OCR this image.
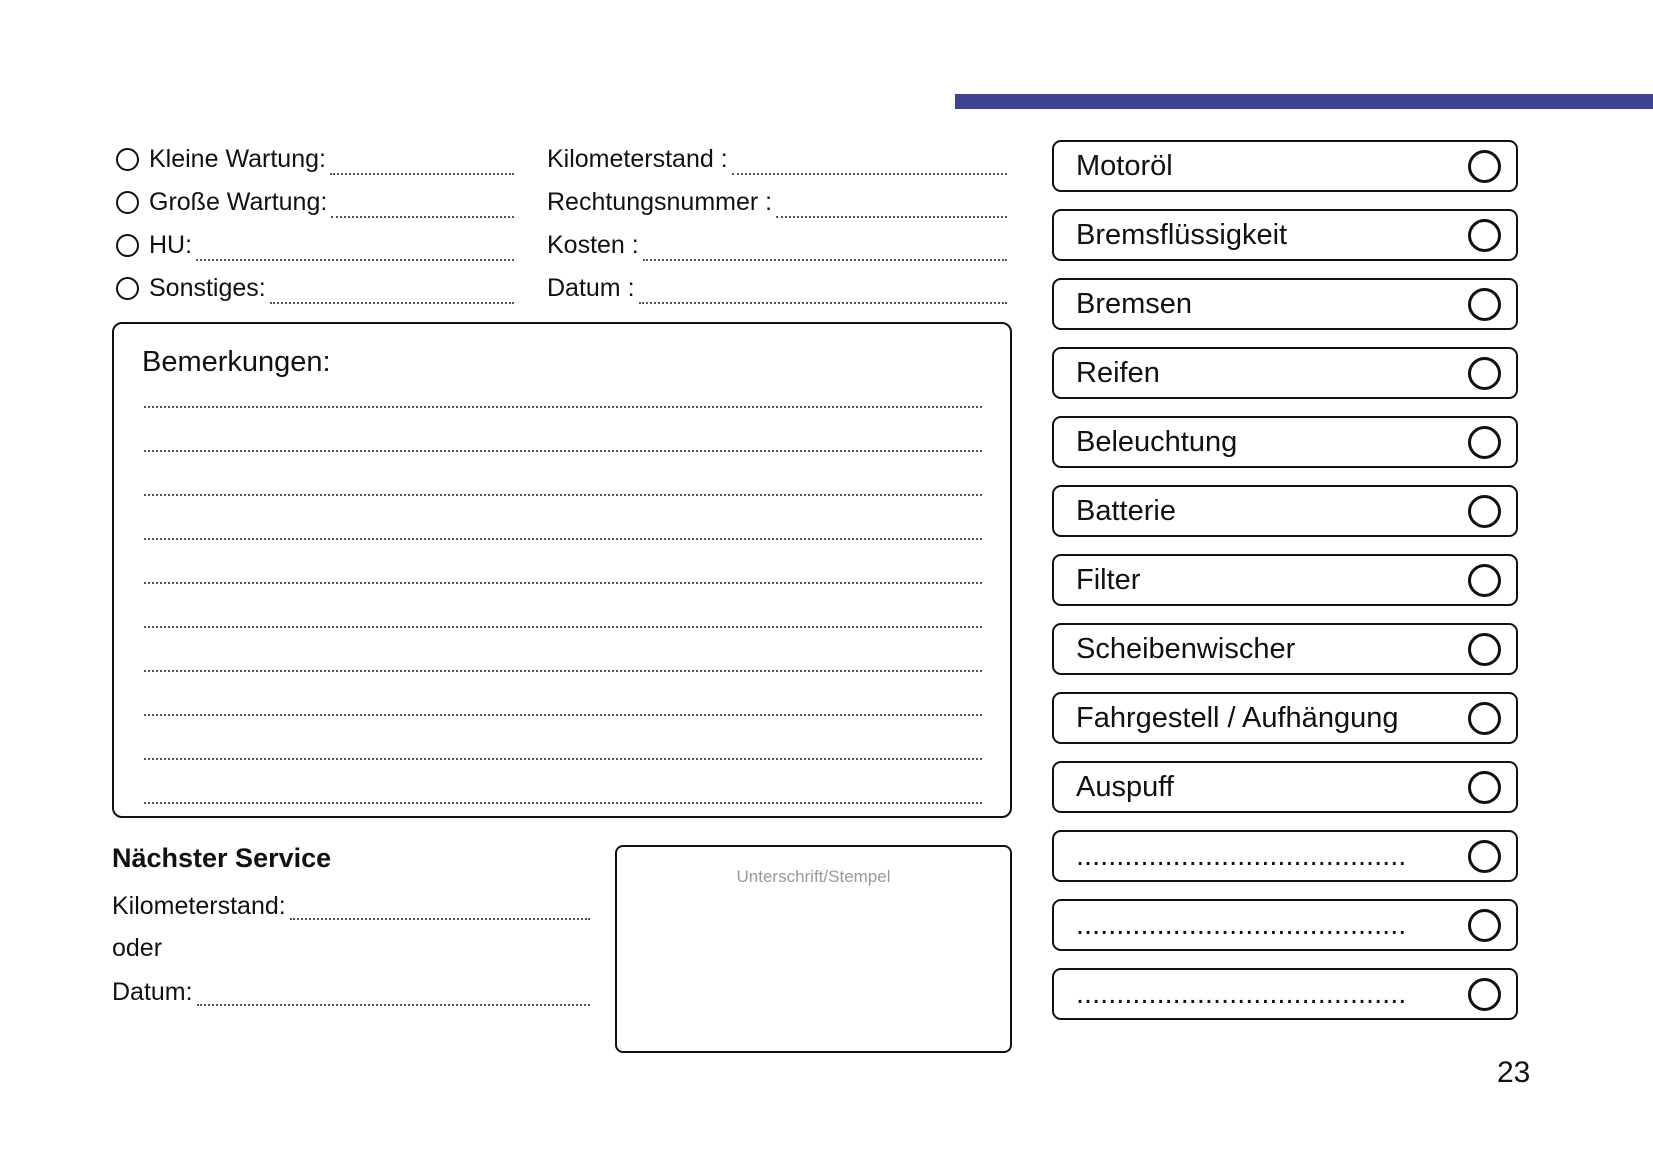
Kleine Wartung:
Große Wartung:
HU:
Sonstiges:
Kilometerstand :
Rechtungsnummer :
Kosten :
Datum :
Bemerkungen:
Nächster Service
Kilometerstand:
oder
Datum:
Unterschrift/Stempel
Motoröl
Bremsflüssigkeit
Bremsen
Reifen
Beleuchtung
Batterie
Filter
Scheibenwischer
Fahrgestell / Aufhängung
Auspuff
.........................................
.........................................
.........................................
23
